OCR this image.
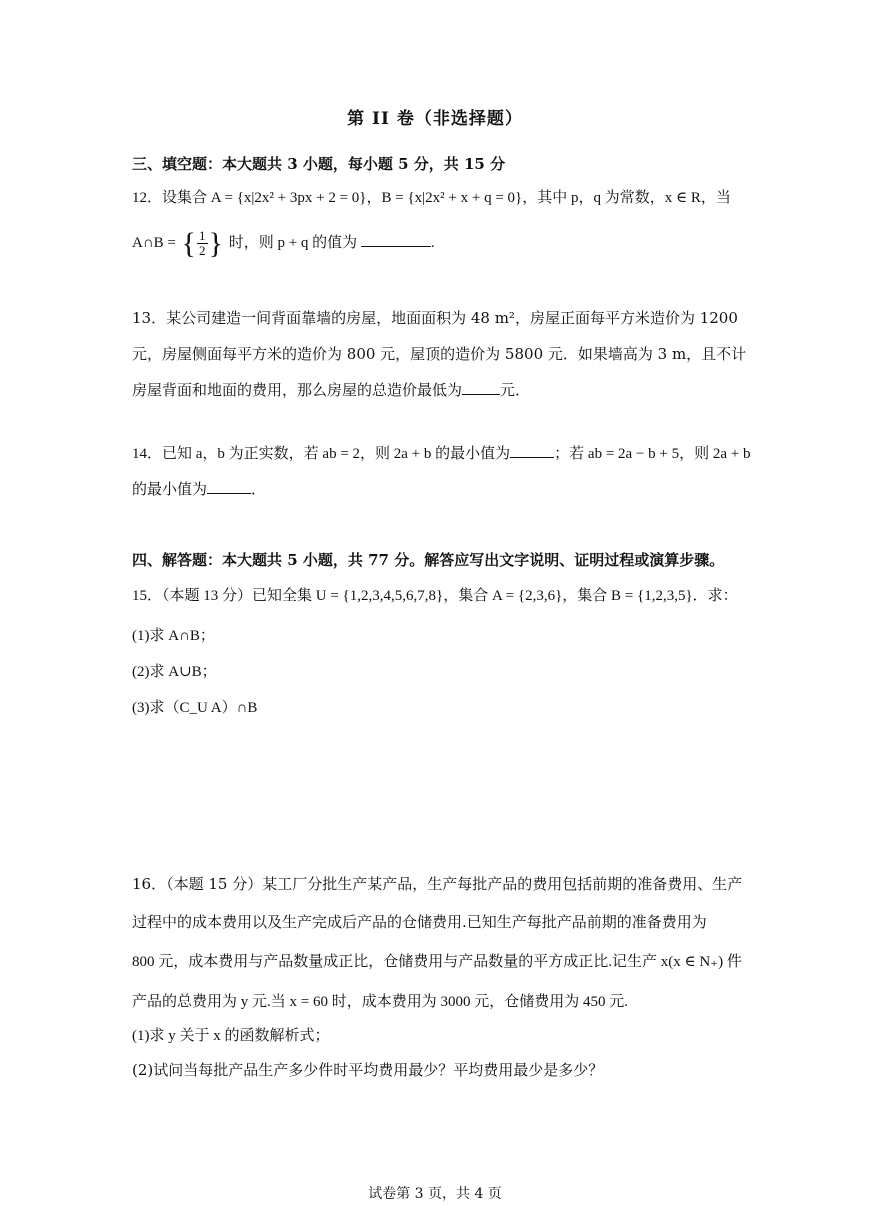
第 II 卷（非选择题）
三、填空题：本大题共 3 小题，每小题 5 分，共 15 分
12．设集合 A = {x|2x² + 3px + 2 = 0}，B = {x|2x² + x + q = 0}，其中 p，q 为常数，x ∈ R，当
A∩B = { $\frac{1}{2}$ } 时，则 p + q 的值为	.
13．某公司建造一间背面靠墙的房屋，地面面积为 48 m²，房屋正面每平方米造价为 1200
元，房屋侧面每平方米的造价为 800 元，屋顶的造价为 5800 元．如果墙高为 3 m，且不计
房屋背面和地面的费用，那么房屋的总造价最低为	元．
14．已知 a，b 为正实数，若 ab = 2，则 2a + b 的最小值为	；若 ab = 2a − b + 5，则 2a + b
的最小值为	．
四、解答题：本大题共 5 小题，共 77 分。解答应写出文字说明、证明过程或演算步骤。
15．（本题 13 分）已知全集 U = {1,2,3,4,5,6,7,8}，集合 A = {2,3,6}，集合 B = {1,2,3,5}．求：
(1)求 A∩B；
(2)求 A∪B；
(3)求（C_U A）∩B
16．（本题 15 分）某工厂分批生产某产品，生产每批产品的费用包括前期的准备费用、生产
过程中的成本费用以及生产完成后产品的仓储费用.已知生产每批产品前期的准备费用为
800 元，成本费用与产品数量成正比，仓储费用与产品数量的平方成正比.记生产 x(x ∈ N₊) 件
产品的总费用为 y 元.当 x = 60 时，成本费用为 3000 元，仓储费用为 450 元.
(1)求 y 关于 x 的函数解析式；
(2)试问当每批产品生产多少件时平均费用最少？平均费用最少是多少？
试卷第 3 页，共 4 页
